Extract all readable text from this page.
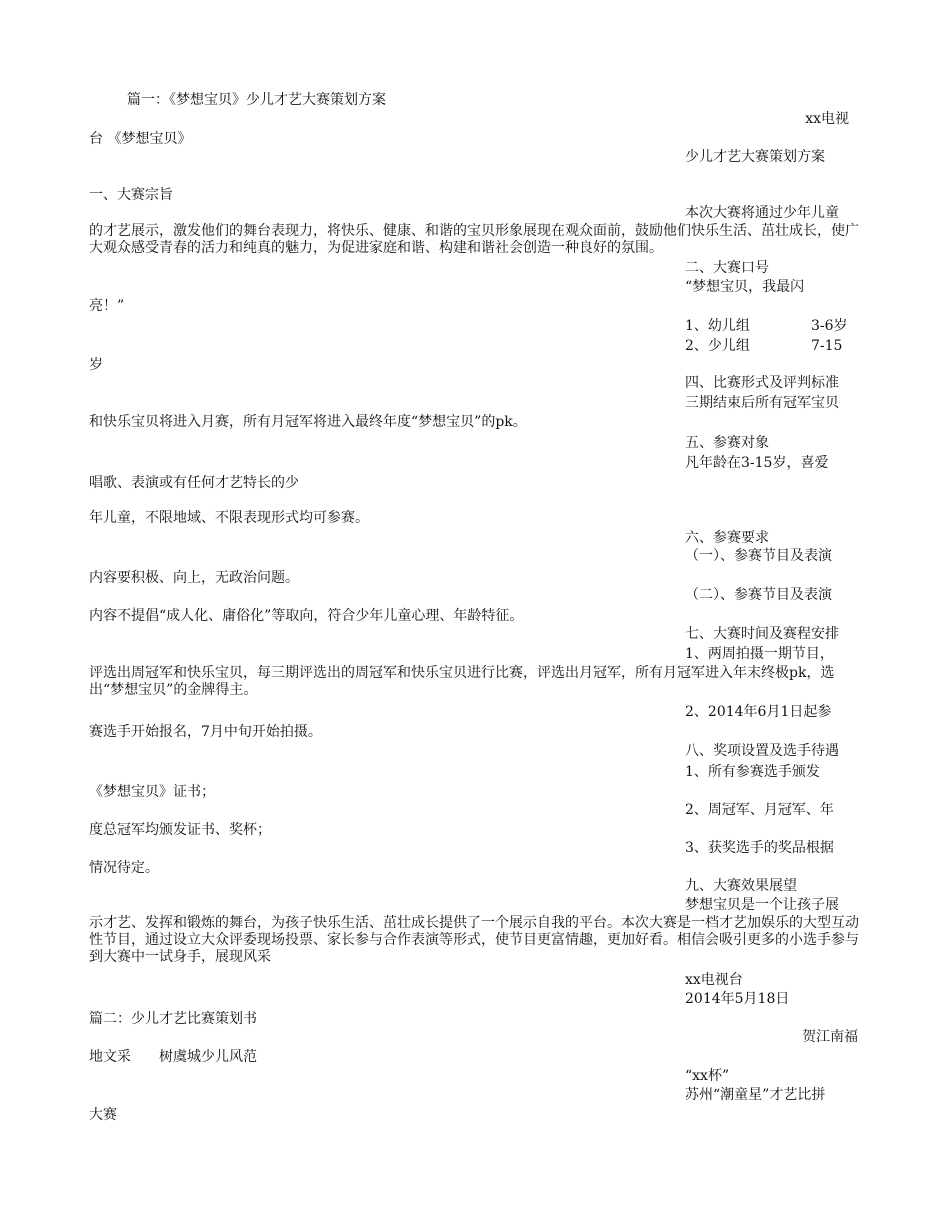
篇一：《梦想宝贝》少儿才艺大赛策划方案
xx电视
台 《梦想宝贝》
少儿才艺大赛策划方案
一、大赛宗旨
本次大赛将通过少年儿童
的才艺展示，激发他们的舞台表现力，将快乐、健康、和谐的宝贝形象展现在观众面前，鼓励他们快乐生活、茁壮成长，使广大观众感受青春的活力和纯真的魅力，为促进家庭和谐、构建和谐社会创造一种良好的氛围。
二、大赛口号
“梦想宝贝，我最闪
亮！”
1、幼儿组	3-6岁
2、少儿组	7-15
岁
四、比赛形式及评判标准
三期结束后所有冠军宝贝
和快乐宝贝将进入月赛，所有月冠军将进入最终年度“梦想宝贝”的pk。
五、参赛对象
凡年龄在3-15岁，喜爱
唱歌、表演或有任何才艺特长的少
年儿童，不限地域、不限表现形式均可参赛。
六、参赛要求
（一）、参赛节目及表演
内容要积极、向上，无政治问题。
（二）、参赛节目及表演
内容不提倡“成人化、庸俗化”等取向，符合少年儿童心理、年龄特征。
七、大赛时间及赛程安排
1、两周拍摄一期节目，
评选出周冠军和快乐宝贝，每三期评选出的周冠军和快乐宝贝进行比赛，评选出月冠军，所有月冠军进入年末终极pk，选出“梦想宝贝”的金牌得主。
2、2014年6月1日起参
赛选手开始报名，7月中旬开始拍摄。
八、奖项设置及选手待遇
1、所有参赛选手颁发
《梦想宝贝》证书；
2、周冠军、月冠军、年
度总冠军均颁发证书、奖杯；
3、获奖选手的奖品根据
情况待定。
九、大赛效果展望
梦想宝贝是一个让孩子展
示才艺、发挥和锻炼的舞台，为孩子快乐生活、茁壮成长提供了一个展示自我的平台。本次大赛是一档才艺加娱乐的大型互动性节目，通过设立大众评委现场投票、家长参与合作表演等形式，使节目更富情趣，更加好看。相信会吸引更多的小选手参与到大赛中一试身手，展现风采
xx电视台
2014年5月18日
篇二：少儿才艺比赛策划书
贺江南福
地文采　　树虞城少儿风范
“xx杯”
苏州“潮童星”才艺比拼
大赛
